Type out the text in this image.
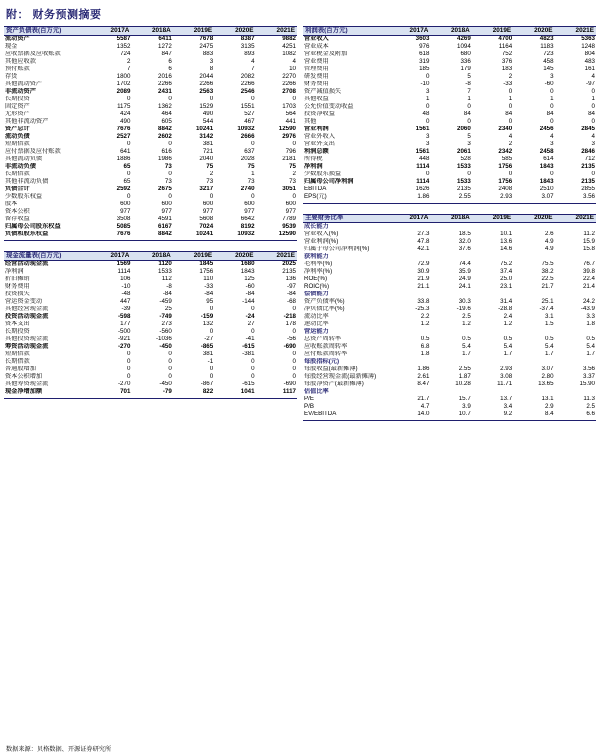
附： 财务预测摘要
资产负债表(百万元)	2017A	2018A	2019E	2020E	2021E
流动资产	5587	6411	7678	8387	9882
现金	1352	1272	2475	3135	4251
应收票据及应收账款	724	847	883	893	1082
其他应收款	2	6	3	4	4
预付账款	7	6	8	7	10
存货	1800	2016	2044	2082	2270
其他流动资产	1702	2266	2266	2266	2266
非流动资产	2089	2431	2563	2546	2708
长期投资	0	0	0	0	0
固定资产	1175	1362	1529	1551	1703
无形资产	424	464	490	527	564
其他非流动资产	490	605	544	467	441
资产总计	7676	8842	10241	10932	12590
流动负债	2527	2602	3142	2666	2976
短期借款	0	0	381	0	0
应付票据及应付账款	641	616	721	637	796
其他流动负债	1886	1986	2040	2028	2181
非流动负债	65	73	75	75	75
长期借款	0	0	2	1	2
其他非流动负债	65	73	73	73	73
负债合计	2592	2675	3217	2740	3051
少数股东权益	0	0	0	0	0
股本	600	600	600	600	600
资本公积	977	977	977	977	977
留存收益	3508	4591	5608	6642	7789
归属母公司股东权益	5085	6167	7024	8192	9539
负债和股东权益	7676	8842	10241	10932	12590

现金流量表(百万元)	2017A	2018A	2019E	2020E	2021E
经营活动现金流	1569	1120	1845	1680	2025
净利润	1114	1533	1756	1843	2135
折旧摊销	106	112	110	125	136
财务费用	-10	-8	-33	-60	-97
投资损失	-48	-84	-84	-84	-84
营运资金变动	447	-459	95	-144	-68
其他经营现金流	-39	25	0	0	0
投资活动现金流	-598	-749	-159	-24	-218
资本支出	177	273	132	27	178
长期投资	-500	-560	0	0	0
其他投资现金流	-921	-1036	-27	-41	-56
筹资活动现金流	-270	-450	-865	-615	-690
短期借款	0	0	381	-381	0
长期借款	0	0	-1	0	0
普通股增加	0	0	0	0	0
资本公积增加	0	0	0	0	0
其他筹资现金流	-270	-450	-867	-615	-690
现金净增加额	701	-79	822	1041	1117

利润表(百万元)	2017A	2018A	2019E	2020E	2021E
营业收入	3603	4269	4700	4823	5363
营业成本	976	1094	1164	1183	1248
营业税金及附加	618	680	752	723	804
营业费用	319	336	376	458	483
管理费用	185	179	183	145	161
研发费用	0	5	2	3	4
财务费用	-10	-8	-33	-60	-97
资产减值损失	3	7	0	0	0
其他收益	1	1	1	1	1
公允价值变动收益	0	0	0	0	0
投资净收益	48	84	84	84	84
其他	0	0	0	0	0
营业利润	1561	2060	2340	2456	2845
营业外收入	3	5	4	4	4
营业外支出	3	3	2	3	3
利润总额	1561	2061	2342	2458	2846
所得税	448	528	585	614	712
净利润	1114	1533	1756	1843	2135
少数股东损益	0	0	0	0	0
归属母公司净利润	1114	1533	1756	1843	2135
EBITDA	1626	2135	2408	2510	2855
EPS(元)	1.86	2.55	2.93	3.07	3.56

主要财务比率	2017A	2018A	2019E	2020E	2021E
成长能力					
营业收入(%)	27.3	18.5	10.1	2.6	11.2
营业利润(%)	47.8	32.0	13.6	4.9	15.9
归属于母公司净利润(%)	42.1	37.6	14.6	4.9	15.8
获利能力					
毛利率(%)	72.9	74.4	75.2	75.5	76.7
净利率(%)	30.9	35.9	37.4	38.2	39.8
ROE(%)	21.9	24.9	25.0	22.5	22.4
ROIC(%)	21.1	24.1	23.1	21.7	21.4
偿债能力					
资产负债率(%)	33.8	30.3	31.4	25.1	24.2
净负债比率(%)	-25.3	-19.6	-28.8	-37.4	-43.9
流动比率	2.2	2.5	2.4	3.1	3.3
速动比率	1.2	1.2	1.2	1.5	1.8
营运能力					
总资产周转率	0.5	0.5	0.5	0.5	0.5
应收账款周转率	6.8	5.4	5.4	5.4	5.4
应付账款周转率	1.8	1.7	1.7	1.7	1.7
每股指标(元)					
每股收益(最新摊薄)	1.86	2.55	2.93	3.07	3.56
每股经营现金流(最新摊薄)	2.61	1.87	3.08	2.80	3.37
每股净资产(最新摊薄)	8.47	10.28	11.71	13.65	15.90
估值比率					
P/E	21.7	15.7	13.7	13.1	11.3
P/B	4.7	3.9	3.4	2.9	2.5
EV/EBITDA	14.0	10.7	9.2	8.4	6.6

数据来源：贝格数据、开源证券研究所
